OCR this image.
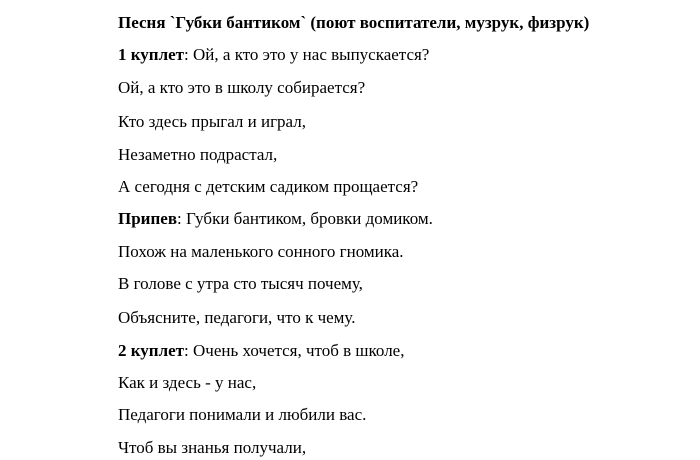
Песня `Губки бантиком` (поют воспитатели, музрук, физрук)
1 куплет: Ой, а кто это у нас выпускается?
Ой, а кто это в школу собирается?
Кто здесь прыгал и играл,
Незаметно подрастал,
А сегодня с детским садиком прощается?
Припев: Губки бантиком, бровки домиком.
Похож на маленького сонного гномика.
В голове с утра сто тысяч почему,
Объясните, педагоги, что к чему.
2 куплет: Очень хочется, чтоб в школе,
Как и здесь - у нас,
Педагоги понимали и любили вас.
Чтоб вы знанья получали,
